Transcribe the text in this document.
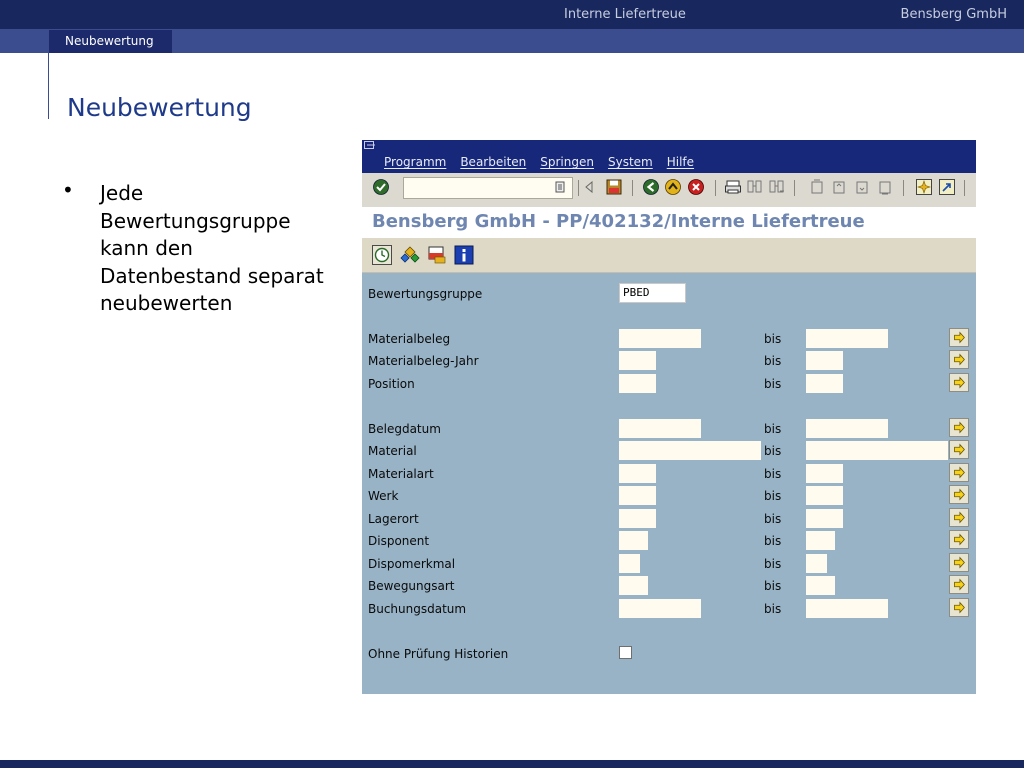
Interne Liefertreue	Bensberg GmbH
Neubewertung
Neubewertung
• Jede Bewertungsgruppe kann den Datenbestand separat neubewerten
Programm Bearbeiten Springen System Hilfe
Bensberg GmbH - PP/402132/Interne Liefertreue
Bewertungsgruppe	PBED
Materialbeleg	bis
Materialbeleg-Jahr	bis
Position	bis
Belegdatum	bis
Material	bis
Materialart	bis
Werk	bis
Lagerort	bis
Disponent	bis
Dispomerkmal	bis
Bewegungsart	bis
Buchungsdatum	bis
Ohne Prüfung Historien
